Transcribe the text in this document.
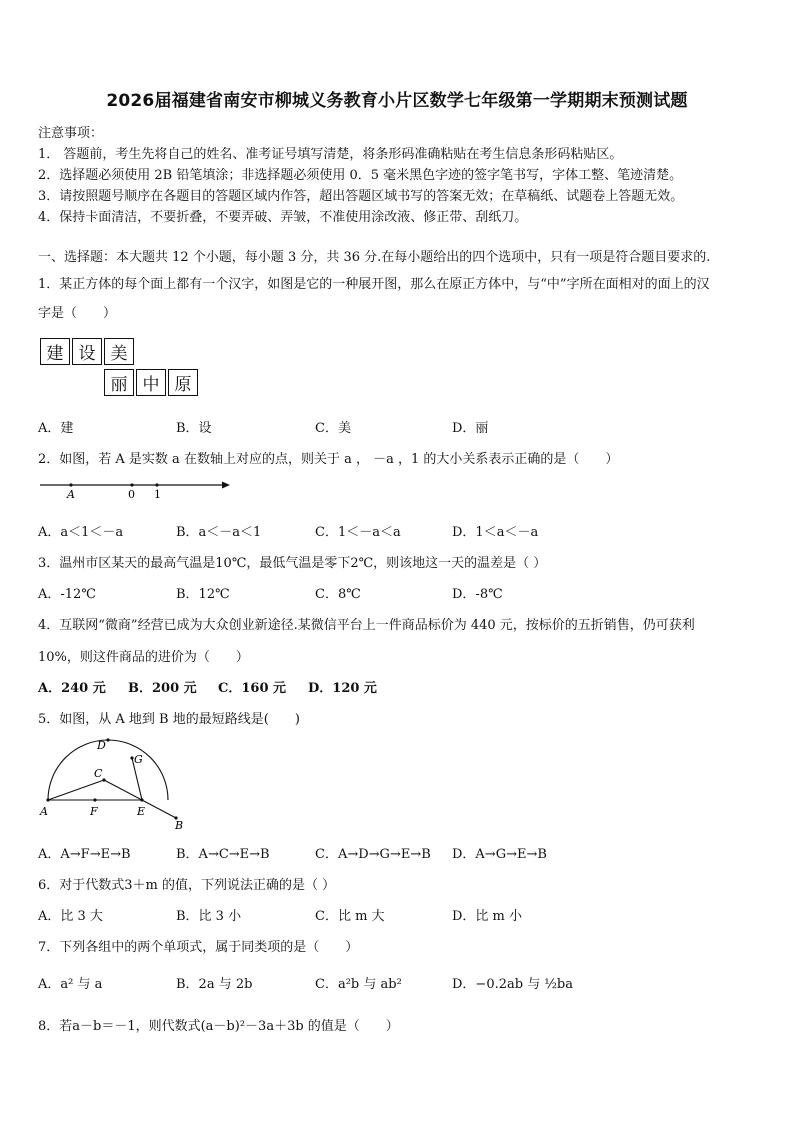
2026届福建省南安市柳城义务教育小片区数学七年级第一学期期末预测试题
注意事项：
1． 答题前，考生先将自己的姓名、准考证号填写清楚，将条形码准确粘贴在考生信息条形码粘贴区。
2．选择题必须使用 2B 铅笔填涂；非选择题必须使用 0．5 毫米黑色字迹的签字笔书写，字体工整、笔迹清楚。
3．请按照题号顺序在各题目的答题区域内作答，超出答题区域书写的答案无效；在草稿纸、试题卷上答题无效。
4．保持卡面清洁，不要折叠，不要弄破、弄皱，不准使用涂改液、修正带、刮纸刀。
一、选择题：本大题共 12 个小题，每小题 3 分，共 36 分.在每小题给出的四个选项中，只有一项是符合题目要求的.
1．某正方体的每个面上都有一个汉字，如图是它的一种展开图，那么在原正方体中，与“中”字所在面相对的面上的汉
字是（　　）
建 设 美
丽 中 原
A．建	B．设	C．美	D．丽
2．如图，若 A 是实数 a 在数轴上对应的点，则关于 a ， －a ，1 的大小关系表示正确的是（　　）
A	0 1
A．a＜1＜－a	B．a＜－a＜1	C．1＜－a＜a	D．1＜a＜－a
3．温州市区某天的最高气温是10℃，最低气温是零下2℃，则该地这一天的温差是（ ）
A．-12℃	B．12℃	C．8℃	D．-8℃
4．互联网“微商”经营已成为大众创业新途径.某微信平台上一件商品标价为 440 元，按标价的五折销售，仍可获利
10%，则这件商品的进价为（　　）
A．240 元 B．200 元 C．160 元 D．120 元
5．如图，从 A 地到 B 地的最短路线是(　　)
D
G
C
A	F	E
B
A．A→F→E→B	B．A→C→E→B	C．A→D→G→E→B D．A→G→E→B
6．对于代数式3＋m 的值，下列说法正确的是（ ）
A．比 3 大	B．比 3 小	C．比 m 大	D．比 m 小
7．下列各组中的两个单项式，属于同类项的是（　　）
A．a² 与 a	B．2a 与 2b	C．a²b 与 ab²	D．−0.2ab 与 ½ba
8．若a－b＝－1，则代数式(a－b)²－3a＋3b 的值是（　　）
